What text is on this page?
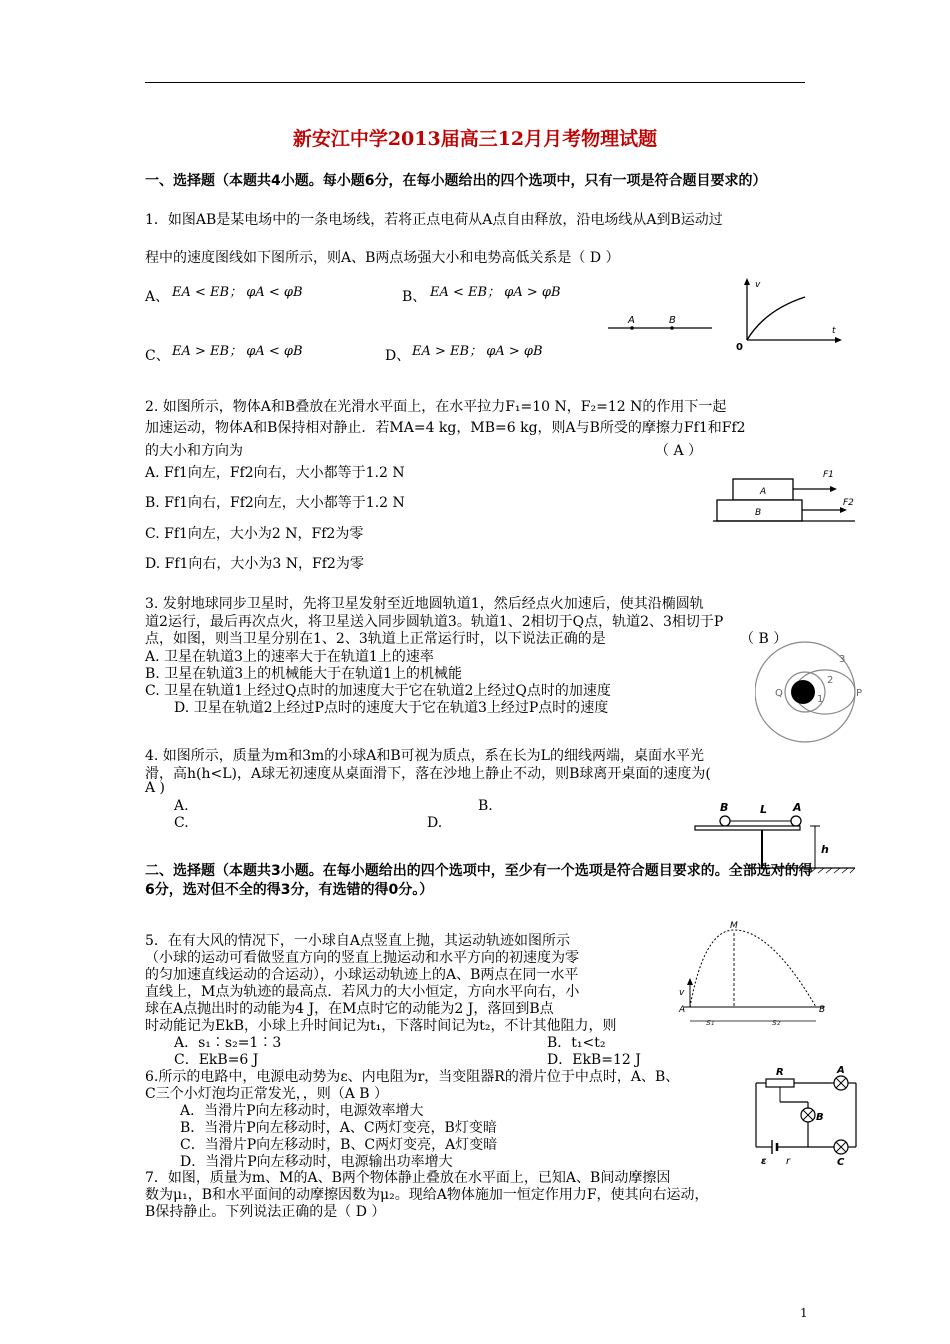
新安江中学2013届高三12月月考物理试题
一、选择题（本题共4小题。每小题6分，在每小题给出的四个选项中，只有一项是符合题目要求的）
1．如图AB是某电场中的一条电场线，若将正点电荷从A点自由释放，沿电场线从A到B运动过
程中的速度图线如下图所示，则A、B两点场强大小和电势高低关系是（ D ）
A、 EA < EB； φA < φB	B、 EA < EB； φA > φB
C、 EA > EB； φA < φB	D、 EA > EB； φA > φB
A	B
v
t
0
2. 如图所示，物体A和B叠放在光滑水平面上，在水平拉力F₁=10 N，F₂=12 N的作用下一起
加速运动，物体A和B保持相对静止．若MA=4 kg，MB=6 kg，则A与B所受的摩擦力Ff1和Ff2
的大小和方向为	（ A ）
A. Ff1向左，Ff2向右，大小都等于1.2 N
B. Ff1向右，Ff2向左，大小都等于1.2 N
C. Ff1向左，大小为2 N，Ff2为零
D. Ff1向右，大小为3 N，Ff2为零
A
B
F1
F2
3. 发射地球同步卫星时，先将卫星发射至近地圆轨道1，然后经点火加速后，使其沿椭圆轨
道2运行，最后再次点火，将卫星送入同步圆轨道3。轨道1、2相切于Q点，轨道2、3相切于P
点，如图，则当卫星分别在1、2、3轨道上正常运行时，以下说法正确的是	（ B ）
A. 卫星在轨道3上的速率大于在轨道1上的速率
B. 卫星在轨道3上的机械能大于在轨道1上的机械能
C. 卫星在轨道1上经过Q点时的加速度大于它在轨道2上经过Q点时的加速度
D. 卫星在轨道2上经过P点时的速度大于它在轨道3上经过P点时的速度
Q	P
1
2
3
4. 如图所示，质量为m和3m的小球A和B可视为质点，系在长为L的细线两端，桌面水平光
滑，高h(h<L)，A球无初速度从桌面滑下，落在沙地上静止不动，则B球离开桌面的速度为(
A )
A.	B.
C.	D.
B	L A
h
二、选择题（本题共3小题。在每小题给出的四个选项中，至少有一个选项是符合题目要求的。全部选对的得6分，选对但不全的得3分，有选错的得0分。）
5．在有大风的情况下，一小球自A点竖直上抛，其运动轨迹如图所示
（小球的运动可看做竖直方向的竖直上抛运动和水平方向的初速度为零
的匀加速直线运动的合运动），小球运动轨迹上的A、B两点在同一水平
直线上，M点为轨迹的最高点．若风力的大小恒定，方向水平向右，小
球在A点抛出时的动能为4 J，在M点时它的动能为2 J，落回到B点
时动能记为EkB，小球上升时间记为t₁，下落时间记为t₂，不计其他阻力，则
A．s₁∶s₂=1∶3	B．t₁<t₂
C．EkB=6 J	D．EkB=12 J
M
v
A	B
s₁	s₂
6.所示的电路中，电源电动势为ε、内电阻为r，当变阻器R的滑片位于中点时，A、B、
C三个小灯泡均正常发光，，则（A B ）
A．当滑片P向左移动时，电源效率增大
B．当滑片P向左移动时，A、C两灯变亮，B灯变暗
C．当滑片P向左移动时，B、C两灯变亮，A灯变暗
D．当滑片P向左移动时，电源输出功率增大
R
ε r
B
A
C
7．如图，质量为m、M的A、B两个物体静止叠放在水平面上，已知A、B间动摩擦因
数为μ₁，B和水平面间的动摩擦因数为μ₂。现给A物体施加一恒定作用力F，使其向右运动，
B保持静止。下列说法正确的是（ D ）
1
